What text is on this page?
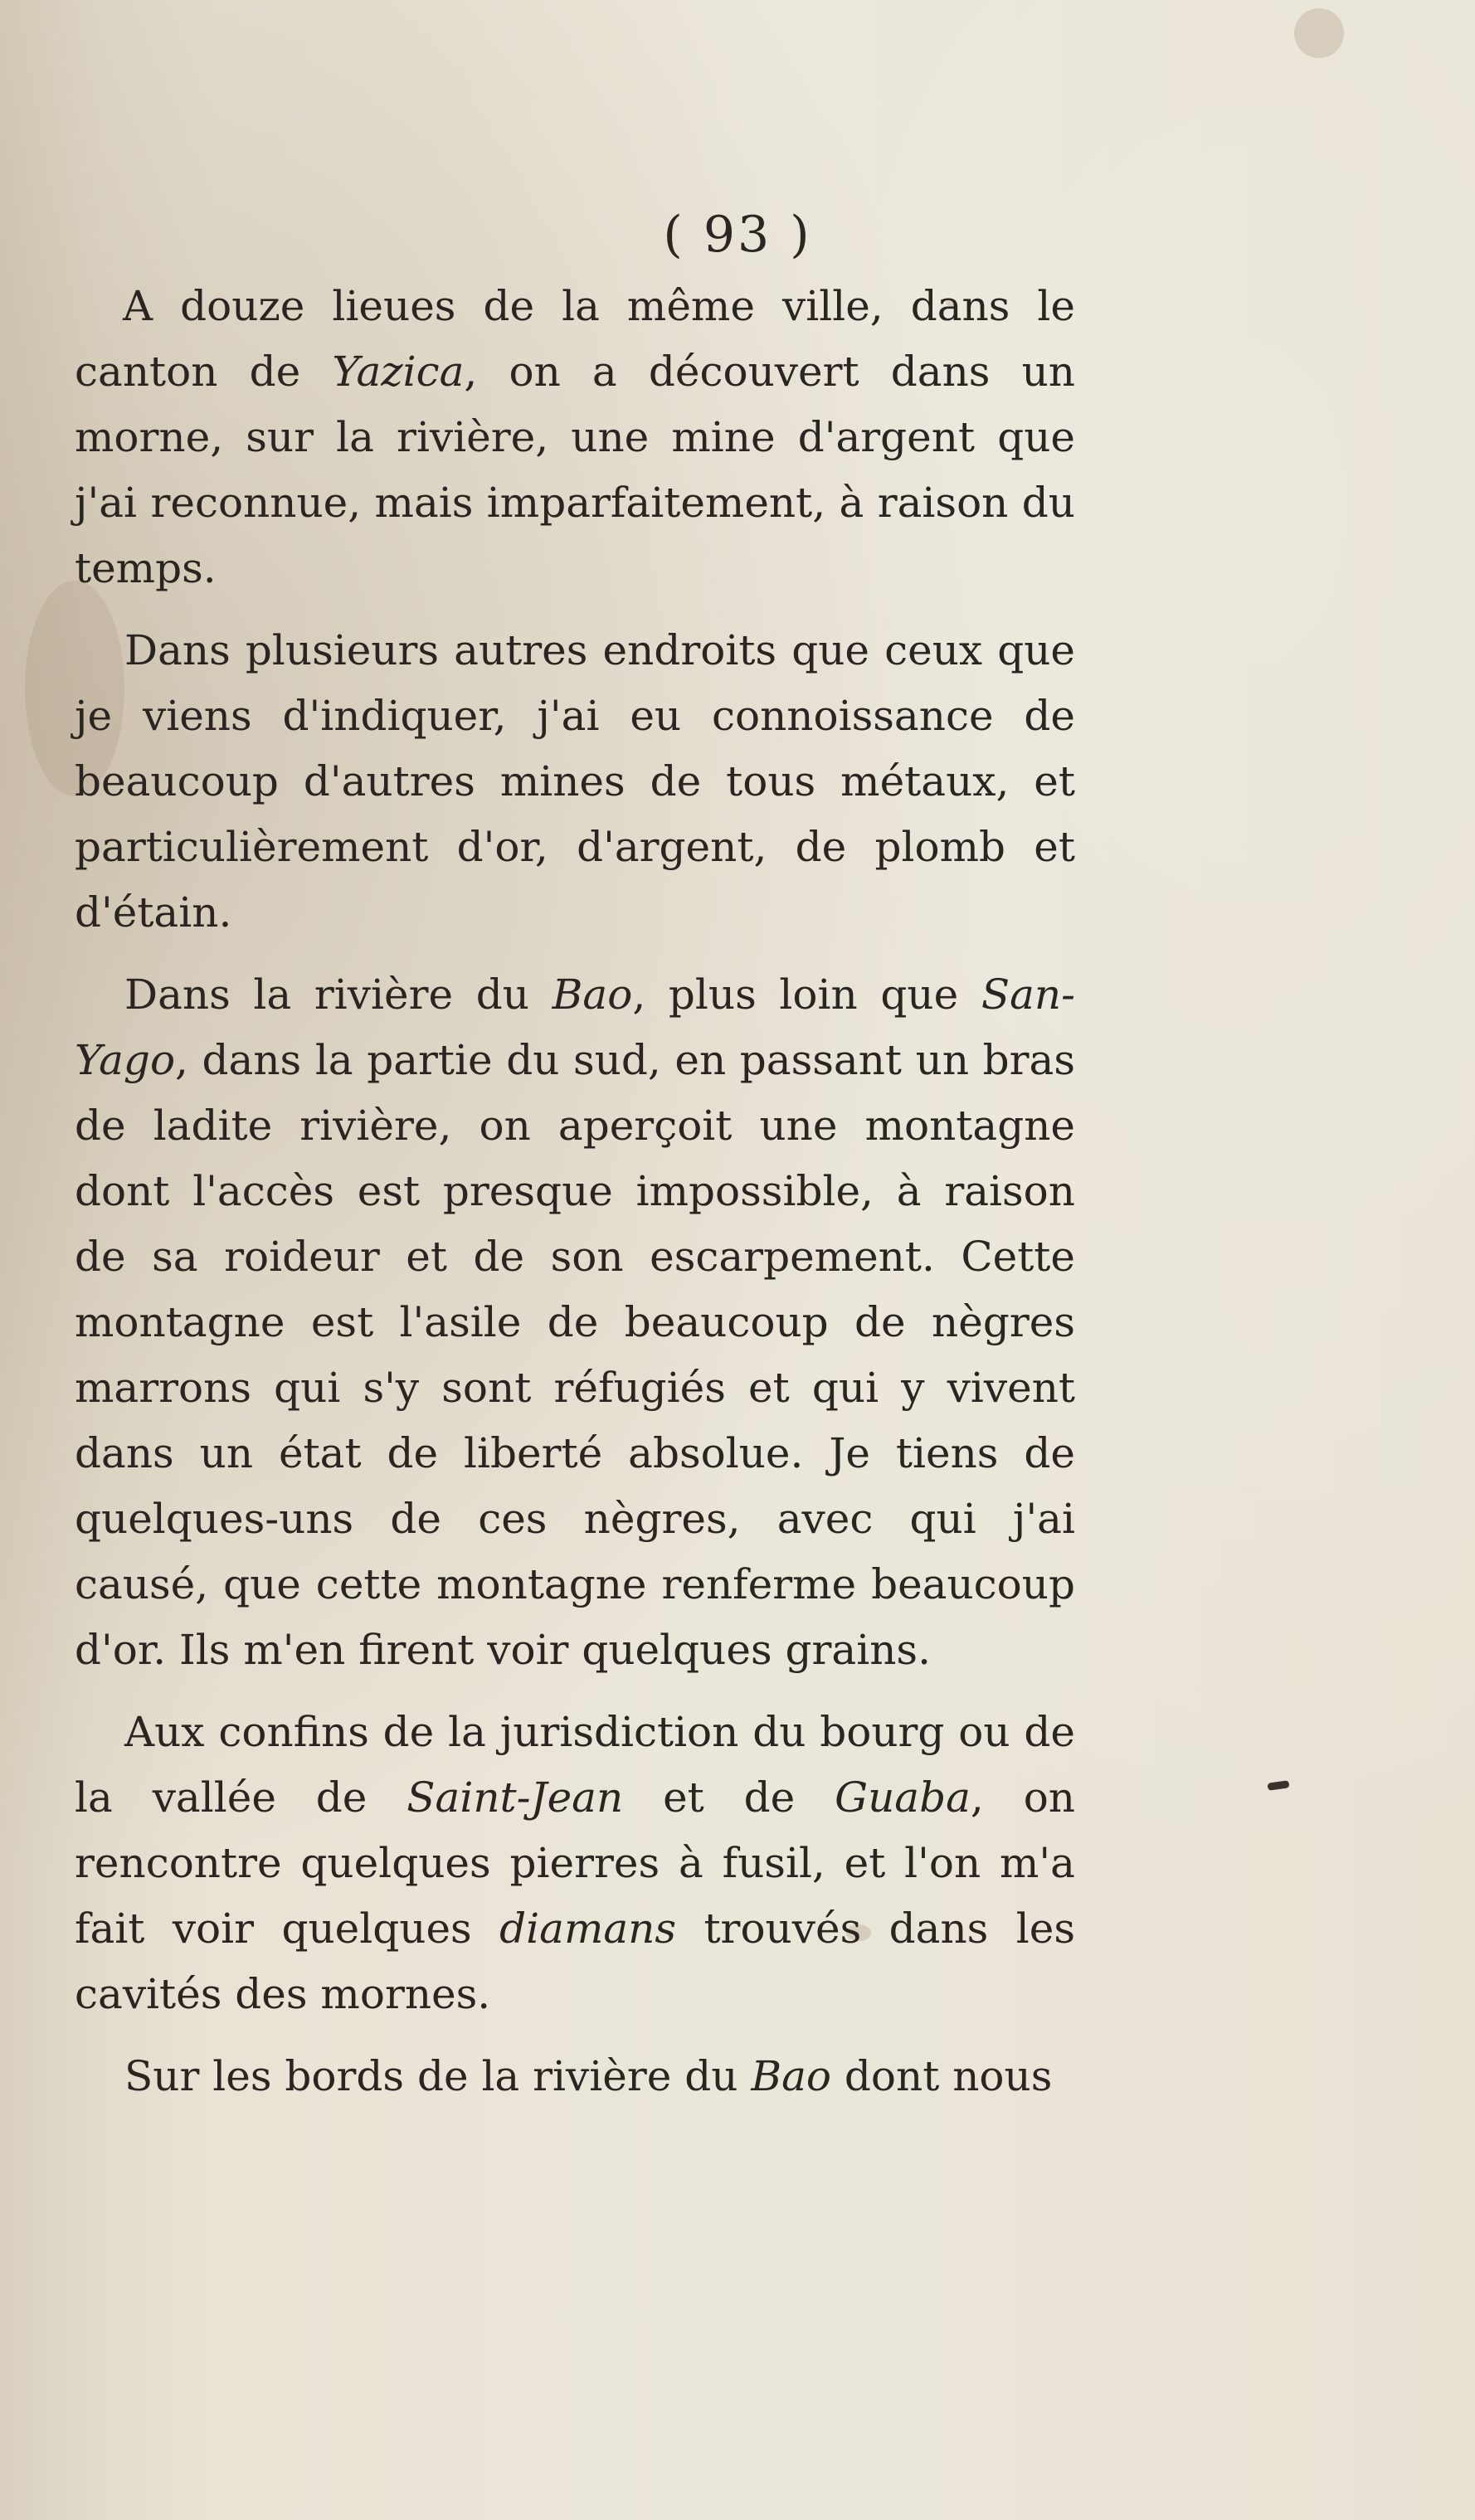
( 93 )

A douze lieues de la même ville, dans le canton de Yazica, on a découvert dans un morne, sur la rivière, une mine d'argent que j'ai reconnue, mais imparfaitement, à raison du temps.

Dans plusieurs autres endroits que ceux que je viens d'indiquer, j'ai eu connoissance de beaucoup d'autres mines de tous métaux, et particulièrement d'or, d'argent, de plomb et d'étain.

Dans la rivière du Bao, plus loin que San-Yago, dans la partie du sud, en passant un bras de ladite rivière, on aperçoit une montagne dont l'accès est presque impossible, à raison de sa roideur et de son escarpement. Cette montagne est l'asile de beaucoup de nègres marrons qui s'y sont réfugiés et qui y vivent dans un état de liberté absolue. Je tiens de quelques-uns de ces nègres, avec qui j'ai causé, que cette montagne renferme beaucoup d'or. Ils m'en firent voir quelques grains.

Aux confins de la jurisdiction du bourg ou de la vallée de Saint-Jean et de Guaba, on rencontre quelques pierres à fusil, et l'on m'a fait voir quelques diamans trouvés dans les cavités des mornes.

Sur les bords de la rivière du Bao dont nous
